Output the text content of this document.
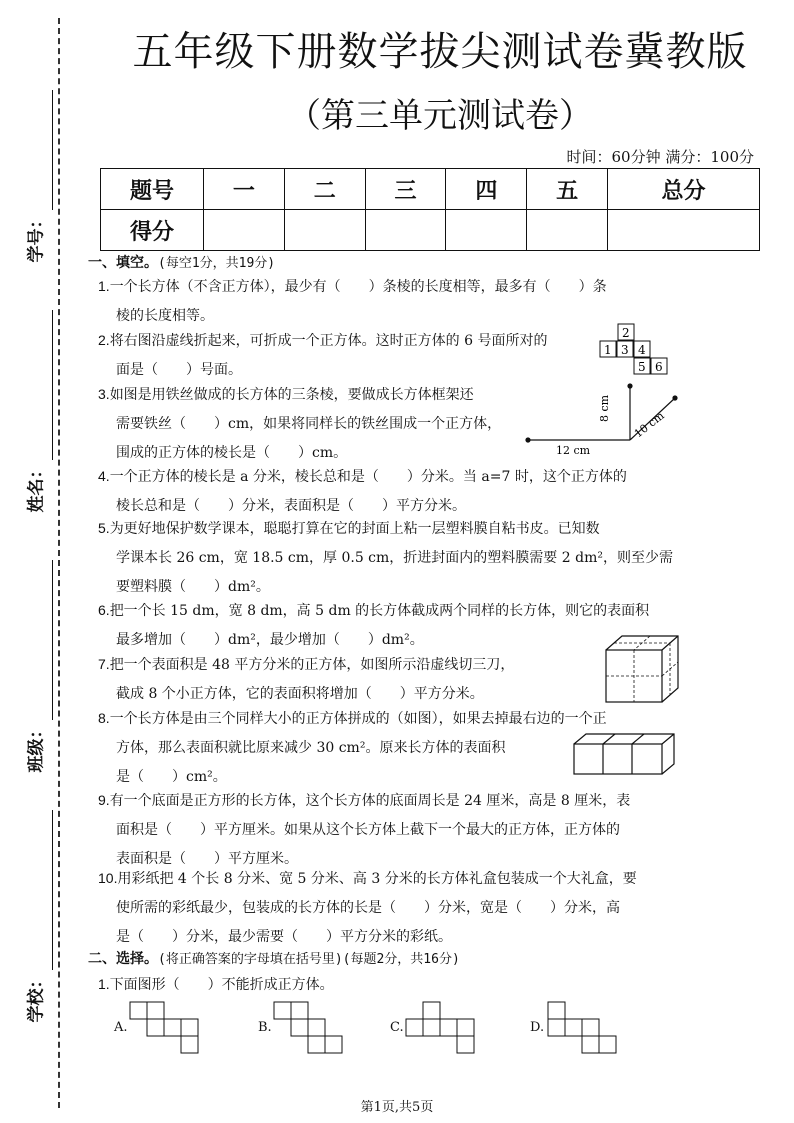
学号：
姓名：
班级：
学校：
五年级下册数学拔尖测试卷冀教版
（第三单元测试卷）
时间：60分钟 满分：100分
题号	一	二	三	四	五	总分
得分						
一、填空。(每空1分，共19分)
1.一个长方体（不含正方体），最少有（　　）条棱的长度相等，最多有（　　）条
棱的长度相等。
2.将右图沿虚线折起来，可折成一个正方体。这时正方体的 6 号面所对的
面是（　　）号面。
2
1 3 4
5 6
3.如图是用铁丝做成的长方体的三条棱，要做成长方体框架还
需要铁丝（　　）cm，如果将同样长的铁丝围成一个正方体，
围成的正方体的棱长是（　　）cm。
8 cm
10 cm
12 cm
4.一个正方体的棱长是 a 分米，棱长总和是（　　）分米。当 a=7 时，这个正方体的
棱长总和是（　　）分米，表面积是（　　）平方分米。
5.为更好地保护数学课本，聪聪打算在它的封面上粘一层塑料膜自粘书皮。已知数
学课本长 26 cm，宽 18.5 cm，厚 0.5 cm，折进封面内的塑料膜需要 2 dm²，则至少需
要塑料膜（　　）dm²。
6.把一个长 15 dm，宽 8 dm，高 5 dm 的长方体截成两个同样的长方体，则它的表面积
最多增加（　　）dm²，最少增加（　　）dm²。
7.把一个表面积是 48 平方分米的正方体，如图所示沿虚线切三刀，
截成 8 个小正方体，它的表面积将增加（　　）平方分米。
8.一个长方体是由三个同样大小的正方体拼成的（如图），如果去掉最右边的一个正
方体，那么表面积就比原来减少 30 cm²。原来长方体的表面积
是（　　）cm²。
9.有一个底面是正方形的长方体，这个长方体的底面周长是 24 厘米，高是 8 厘米，表
面积是（　　）平方厘米。如果从这个长方体上截下一个最大的正方体，正方体的
表面积是（　　）平方厘米。
10.用彩纸把 4 个长 8 分米、宽 5 分米、高 3 分米的长方体礼盒包装成一个大礼盒，要
使所需的彩纸最少，包装成的长方体的长是（　　）分米，宽是（　　）分米，高
是（　　）分米，最少需要（　　）平方分米的彩纸。
二、选择。(将正确答案的字母填在括号里)(每题2分，共16分)
1.下面图形（　　）不能折成正方体。
A.	B.	C.	D.
第1页,共5页
